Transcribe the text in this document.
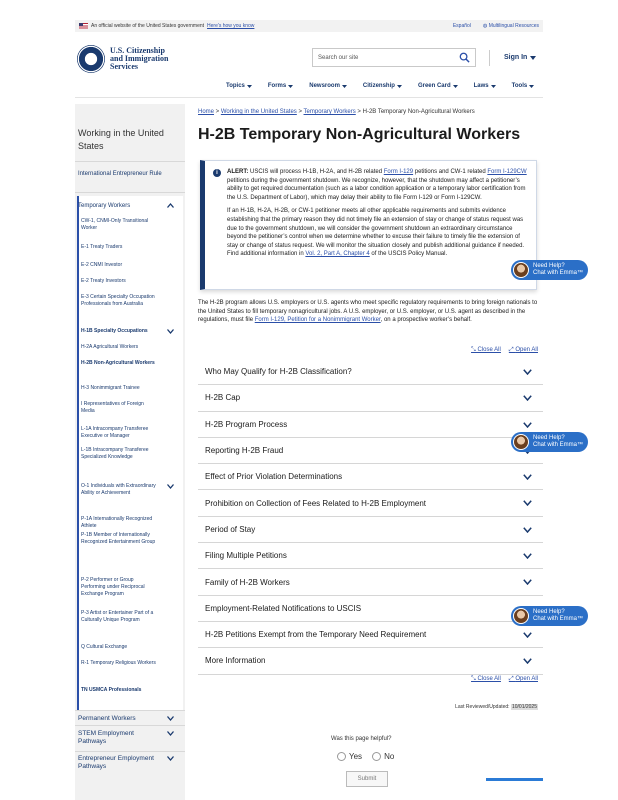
An official website of the United States government Here's how you know	Español ◍ Multilingual Resources
U.S. Citizenship
and Immigration
Services
Search our site	Sign In
Topics	Forms	Newsroom	Citizenship	Green Card	Laws	Tools
Working in the United States
International Entrepreneur Rule
Temporary Workers
CW-1, CNMI-Only Transitional Worker
E-1 Treaty Traders
E-2 CNMI Investor
E-2 Treaty Investors
E-3 Certain Specialty Occupation Professionals from Australia
H-1B Specialty Occupations
H-2A Agricultural Workers
H-2B Non-Agricultural Workers
H-3 Nonimmigrant Trainee
I Representatives of Foreign Media
L-1A Intracompany Transferee Executive or Manager
L-1B Intracompany Transferee Specialized Knowledge
O-1 Individuals with Extraordinary Ability or Achievement
P-1A Internationally Recognized Athlete
P-1B Member of Internationally Recognized Entertainment Group
P-2 Performer or Group Performing under Reciprocal Exchange Program
P-3 Artist or Entertainer Part of a Culturally Unique Program
Q Cultural Exchange
R-1 Temporary Religious Workers
TN USMCA Professionals
Permanent Workers
STEM Employment Pathways
Entrepreneur Employment Pathways
Home > Working in the United States > Temporary Workers > H-2B Temporary Non-Agricultural Workers
H-2B Temporary Non-Agricultural Workers
i	ALERT: USCIS will process H-1B, H-2A, and H-2B related Form I-129 petitions and CW-1 related Form I-129CW petitions during the government shutdown. We recognize, however, that the shutdown may affect a petitioner’s ability to get required documentation (such as a labor condition application or a temporary labor certification from the U.S. Department of Labor), which may delay their ability to file Form I-129 or Form I-129CW.

If an H-1B, H-2A, H-2B, or CW-1 petitioner meets all other applicable requirements and submits evidence establishing that the primary reason they did not timely file an extension of stay or change of status request was due to the government shutdown, we will consider the government shutdown an extraordinary circumstance beyond the petitioner’s control when we determine whether to excuse their failure to timely file the extension of stay or change of status request. We will monitor the situation closely and publish additional guidance if needed. Find additional information in Vol. 2, Part A, Chapter 4 of the USCIS Policy Manual.

The H-2B program allows U.S. employers or U.S. agents who meet specific regulatory requirements to bring foreign nationals to the United States to fill temporary nonagricultural jobs. A U.S. employer, or U.S. employer, or U.S. agent as described in the regulations, must file Form I-129, Petition for a Nonimmigrant Worker, on a prospective worker’s behalf.
⤡ Close All ⤢ Open All
Who May Qualify for H-2B Classification?
H-2B Cap
H-2B Program Process
Reporting H-2B Fraud
Effect of Prior Violation Determinations
Prohibition on Collection of Fees Related to H-2B Employment
Period of Stay
Filing Multiple Petitions
Family of H-2B Workers
Employment-Related Notifications to USCIS
H-2B Petitions Exempt from the Temporary Need Requirement
More Information
⤡ Close All ⤢ Open All
Last Reviewed/Updated: 10/01/2025
Was this page helpful?
Yes	No
Submit
Need Help?
Chat with Emma™
Need Help?
Chat with Emma™
Need Help?
Chat with Emma™
